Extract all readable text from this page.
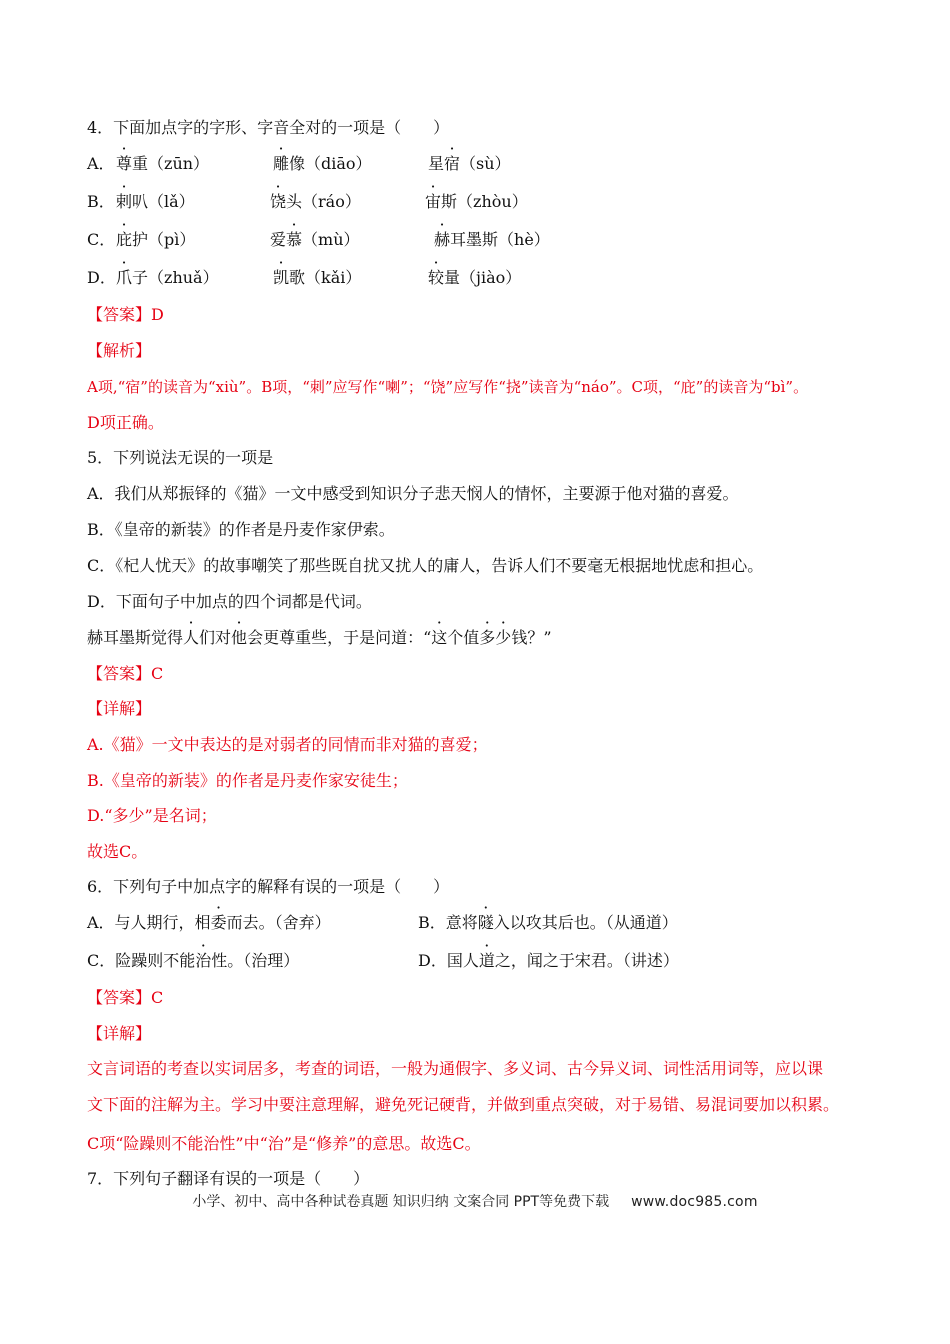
4．下面加点字的字形、字音全对的一项是（　　）
A． 尊重（zūn）	雕像（diāo）	星宿（sù）
B． 剌叭（lǎ）	饶头（ráo）	宙斯（zhòu）
C． 庇护（pì）	爱慕（mù）	赫耳墨斯（hè）
D． 爪子（zhuǎ）	凯歌（kǎi）	较量（jiào）
【答案】D
【解析】
A项,“宿”的读音为“xiù”。B项，“刺”应写作“喇”；“饶”应写作“挠”读音为“náo”。C项，“庇”的读音为“bì”。
D项正确。
5．下列说法无误的一项是
A．我们从郑振铎的《猫》一文中感受到知识分子悲天悯人的情怀，主要源于他对猫的喜爱。
B．《皇帝的新装》的作者是丹麦作家伊索。
C．《杞人忧天》的故事嘲笑了那些既自扰又扰人的庸人，告诉人们不要毫无根据地忧虑和担心。
D．下面句子中加点的四个词都是代词。
赫耳墨斯觉得人们对他会更尊重些，于是问道：“这个值多少钱？”
【答案】C
【详解】
A.《猫》一文中表达的是对弱者的同情而非对猫的喜爱；
B.《皇帝的新装》的作者是丹麦作家安徒生；
D.“多少”是名词；
故选C。
6．下列句子中加点字的解释有误的一项是（　　）
A．与人期行，相委而去。（舍弃）	B．意将隧入以攻其后也。（从通道）
C．险躁则不能治性。（治理）	D．国人道之，闻之于宋君。（讲述）
【答案】C
【详解】
文言词语的考查以实词居多，考查的词语，一般为通假字、多义词、古今异义词、词性活用词等，应以课
文下面的注解为主。学习中要注意理解，避免死记硬背，并做到重点突破，对于易错、易混词要加以积累。
C项“险躁则不能治性”中“治”是“修养”的意思。故选C。
7．下列句子翻译有误的一项是（　　）
小学、初中、高中各种试卷真题 知识归纳 文案合同 PPT等免费下载 www.doc985.com
